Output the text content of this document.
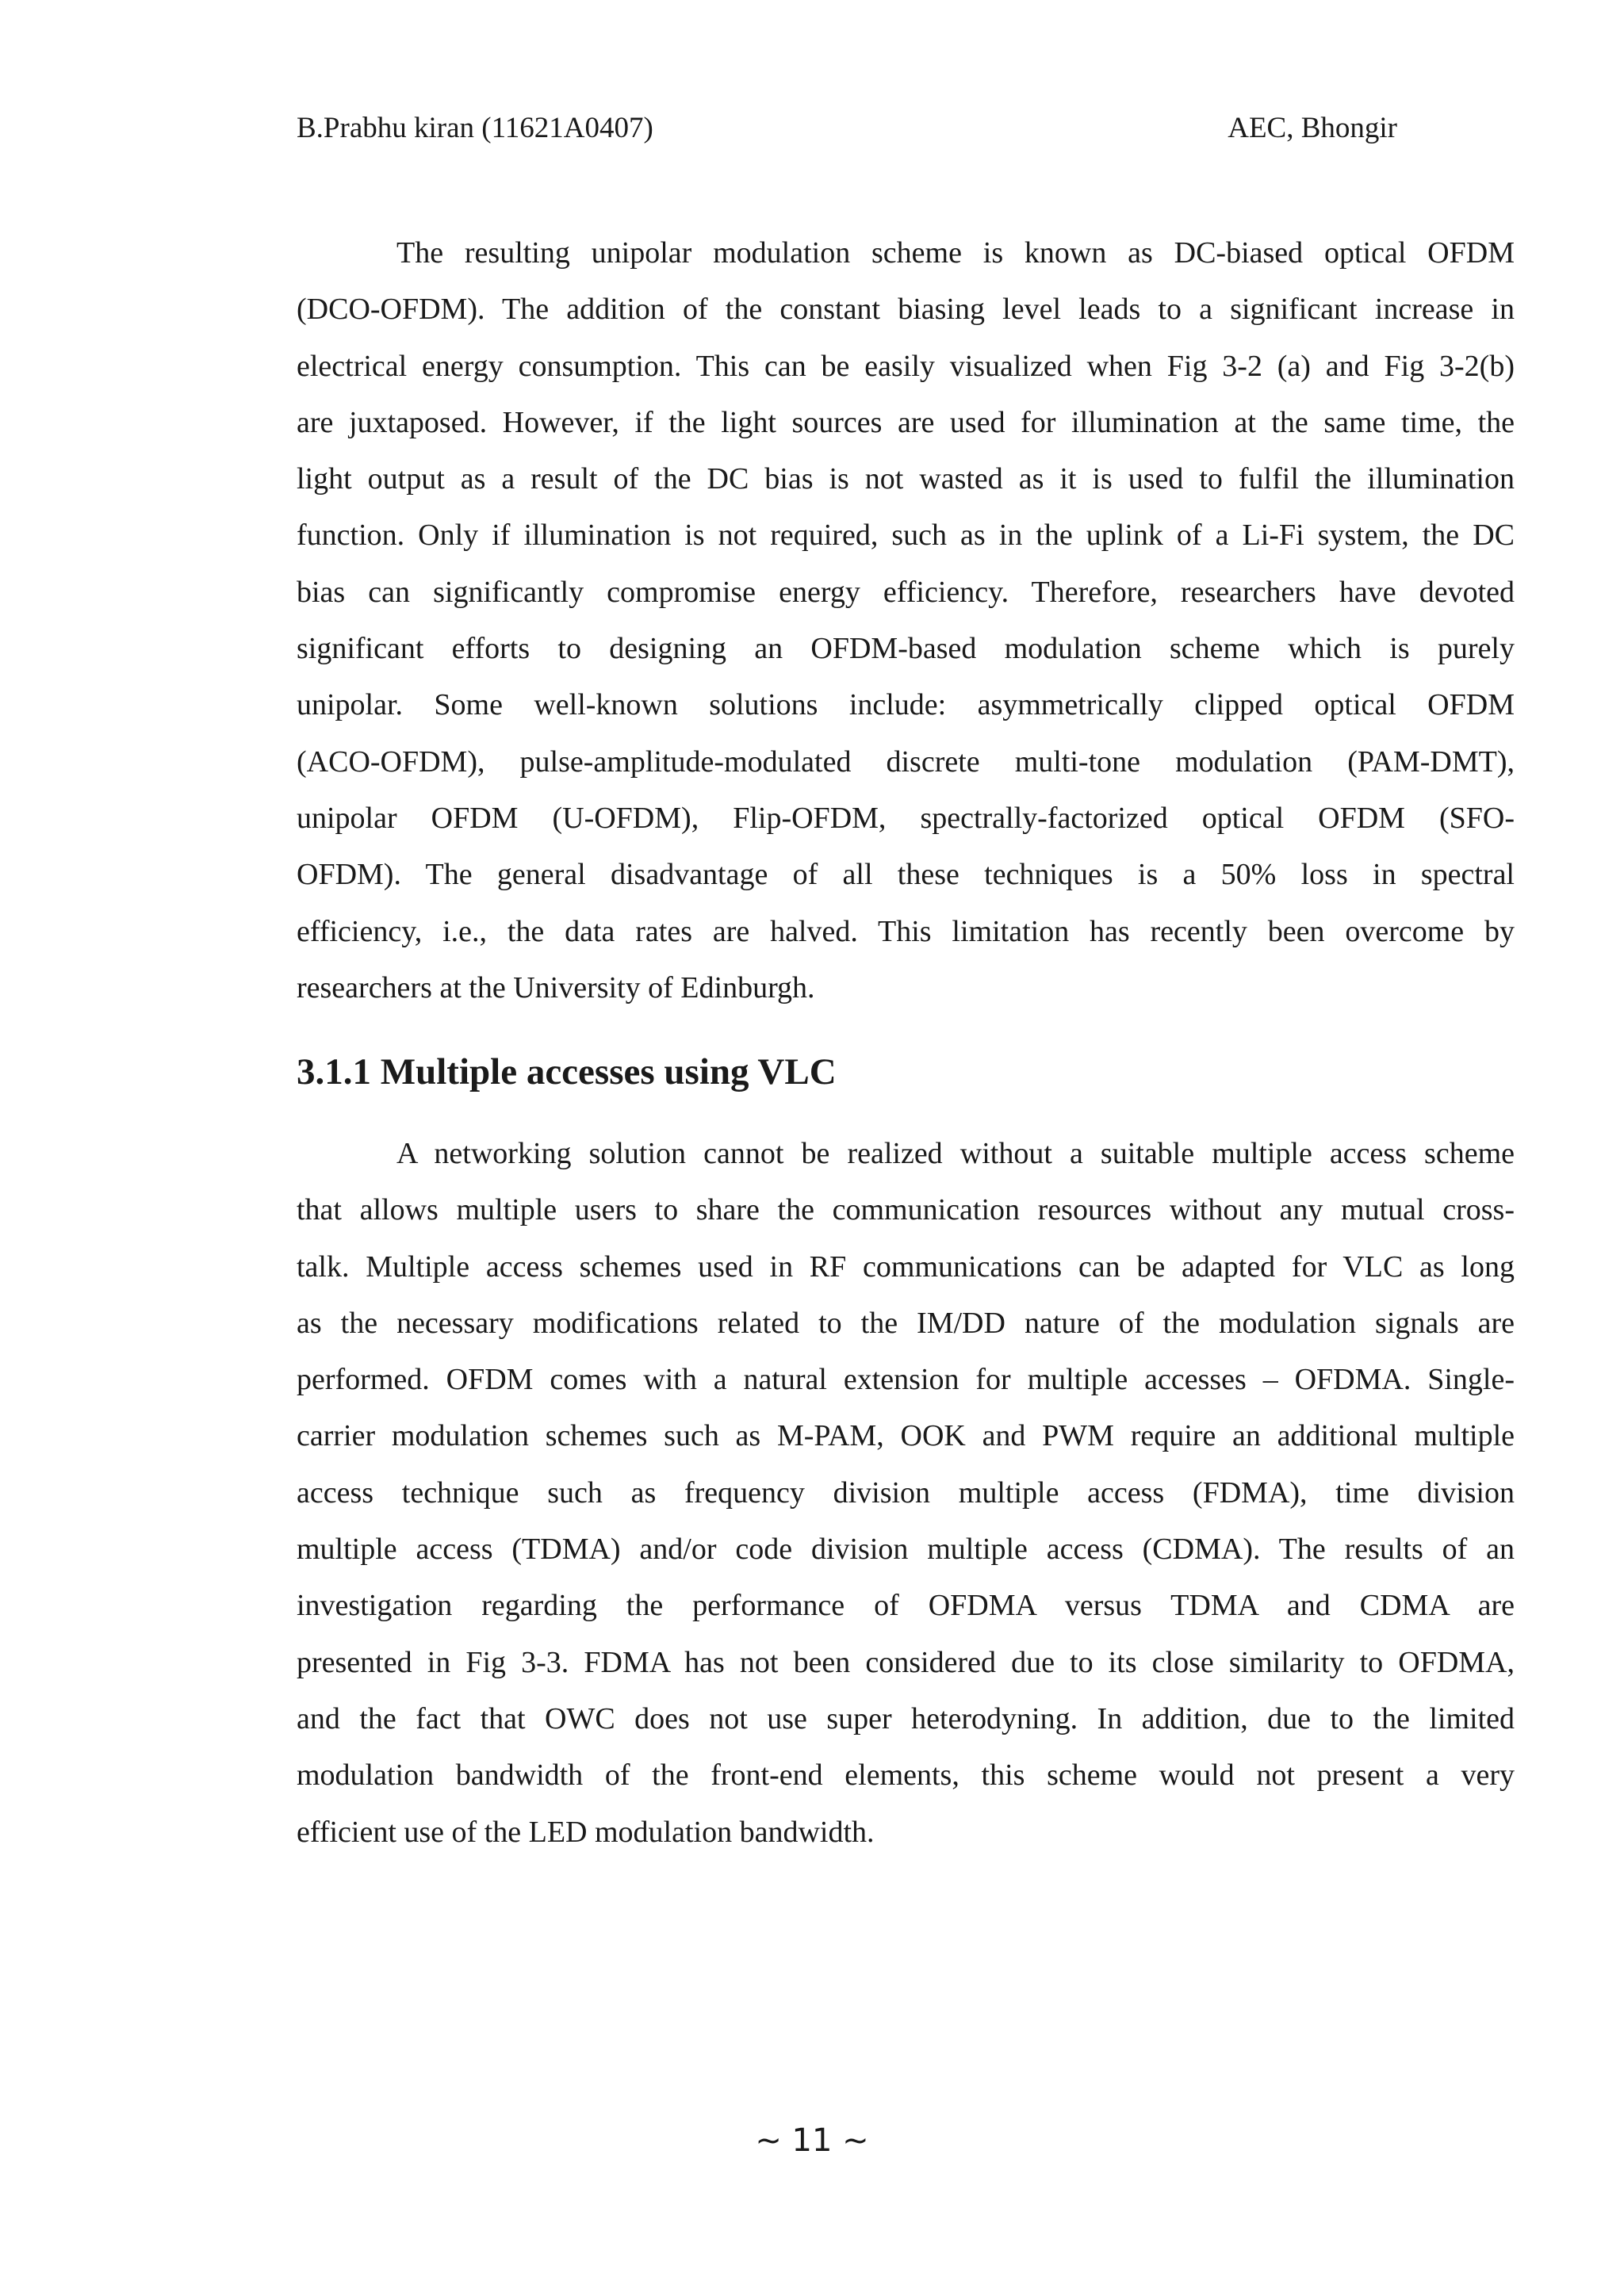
B.Prabhu kiran (11621A0407)	AEC, Bhongir
The resulting unipolar modulation scheme is known as DC-biased optical OFDM
(DCO-OFDM). The addition of the constant biasing level leads to a significant increase in
electrical energy consumption. This can be easily visualized when Fig 3-2 (a) and Fig 3-2(b)
are juxtaposed. However, if the light sources are used for illumination at the same time, the
light output as a result of the DC bias is not wasted as it is used to fulfil the illumination
function. Only if illumination is not required, such as in the uplink of a Li-Fi system, the DC
bias can significantly compromise energy efficiency. Therefore, researchers have devoted
significant efforts to designing an OFDM-based modulation scheme which is purely
unipolar. Some well-known solutions include: asymmetrically clipped optical OFDM
(ACO-OFDM), pulse-amplitude-modulated discrete multi-tone modulation (PAM-DMT),
unipolar OFDM (U-OFDM), Flip-OFDM, spectrally-factorized optical OFDM (SFO-
OFDM). The general disadvantage of all these techniques is a 50% loss in spectral
efficiency, i.e., the data rates are halved. This limitation has recently been overcome by
researchers at the University of Edinburgh.
3.1.1 Multiple accesses using VLC
A networking solution cannot be realized without a suitable multiple access scheme
that allows multiple users to share the communication resources without any mutual cross-
talk. Multiple access schemes used in RF communications can be adapted for VLC as long
as the necessary modifications related to the IM/DD nature of the modulation signals are
performed. OFDM comes with a natural extension for multiple accesses – OFDMA. Single-
carrier modulation schemes such as M-PAM, OOK and PWM require an additional multiple
access technique such as frequency division multiple access (FDMA), time division
multiple access (TDMA) and/or code division multiple access (CDMA). The results of an
investigation regarding the performance of OFDMA versus TDMA and CDMA are
presented in Fig 3-3. FDMA has not been considered due to its close similarity to OFDMA,
and the fact that OWC does not use super heterodyning. In addition, due to the limited
modulation bandwidth of the front-end elements, this scheme would not present a very
efficient use of the LED modulation bandwidth.
~ 11 ~
